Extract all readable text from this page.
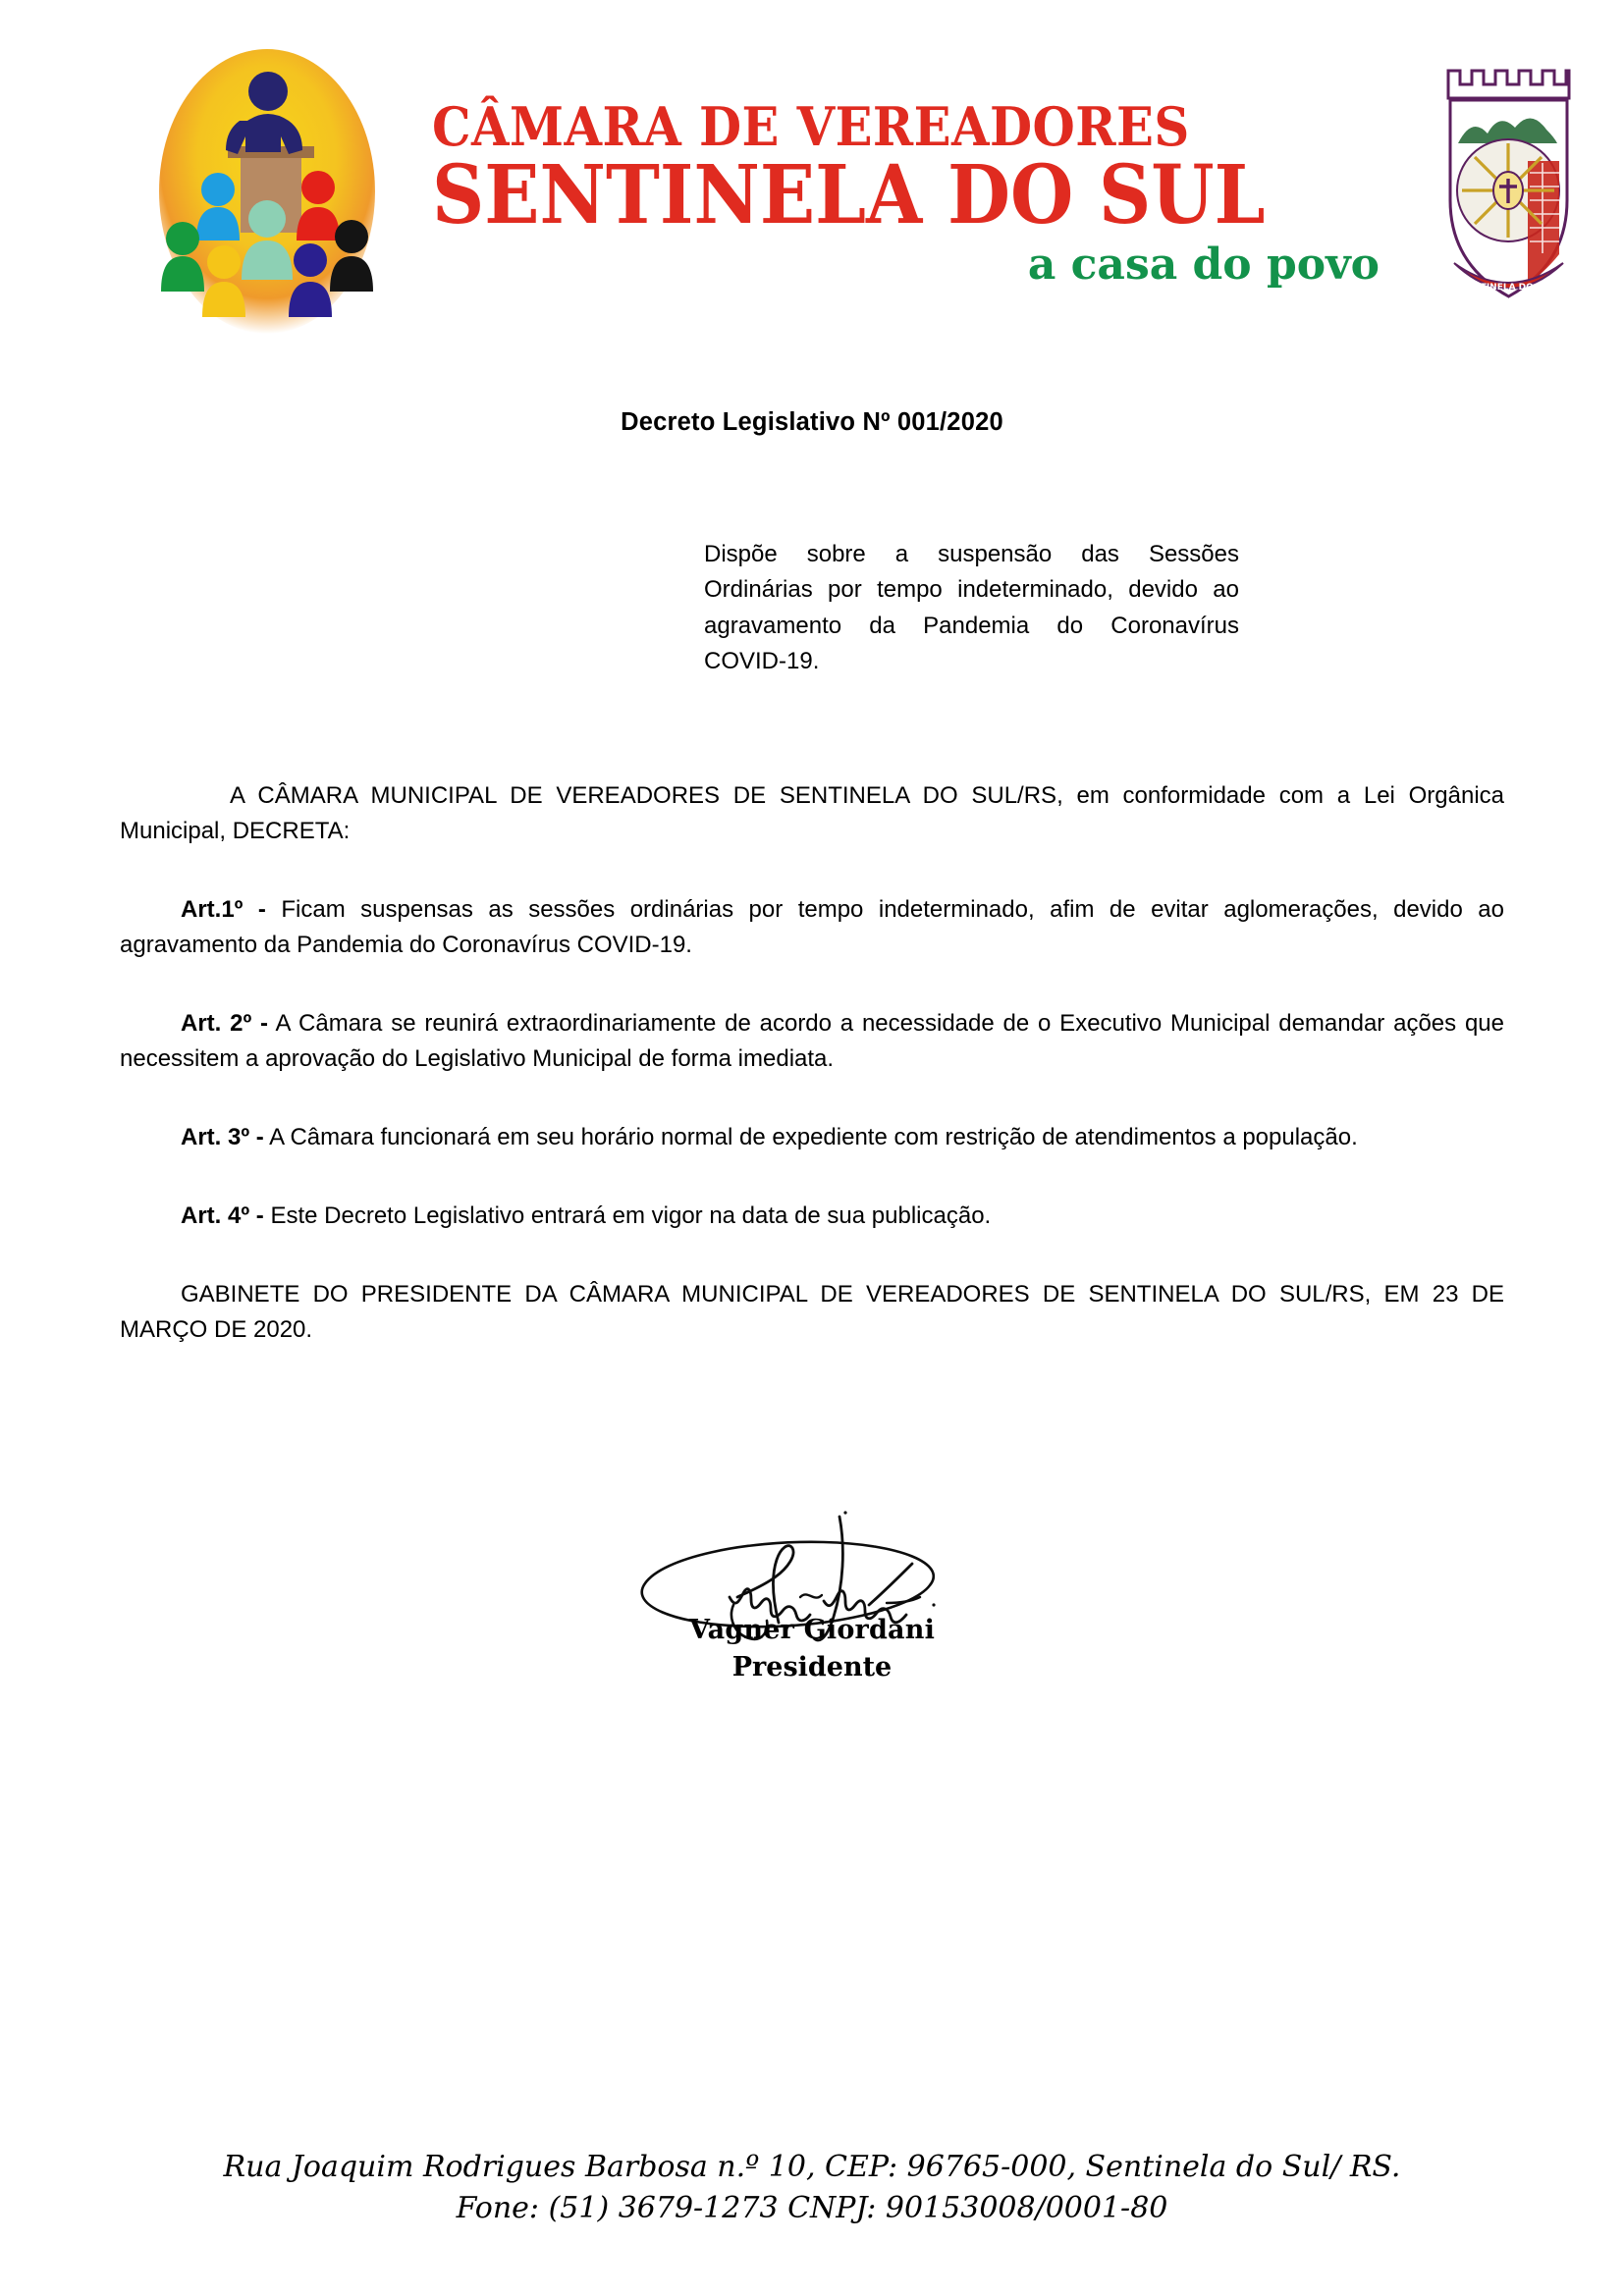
CÂMARA DE VEREADORES
SENTINELA DO SUL
a casa do povo	SENTINELA DO SUL
Decreto Legislativo Nº 001/2020
Dispõe sobre a suspensão das Sessões Ordinárias por tempo indeterminado, devido ao agravamento da Pandemia do Coronavírus COVID-19.
A CÂMARA MUNICIPAL DE VEREADORES DE SENTINELA DO SUL/RS, em conformidade com a Lei Orgânica Municipal, DECRETA:
Art.1º - Ficam suspensas as sessões ordinárias por tempo indeterminado, afim de evitar aglomerações, devido ao agravamento da Pandemia do Coronavírus COVID-19.
Art. 2º - A Câmara se reunirá extraordinariamente de acordo a necessidade de o Executivo Municipal demandar ações que necessitem a aprovação do Legislativo Municipal de forma imediata.
Art. 3º - A Câmara funcionará em seu horário normal de expediente com restrição de atendimentos a população.
Art. 4º - Este Decreto Legislativo entrará em vigor na data de sua publicação.
GABINETE DO PRESIDENTE DA CÂMARA MUNICIPAL DE VEREADORES DE SENTINELA DO SUL/RS, EM 23 DE MARÇO DE 2020.
Vagner Giordani
Presidente
Rua Joaquim Rodrigues Barbosa n.º 10, CEP: 96765-000, Sentinela do Sul/ RS.
Fone: (51) 3679-1273 CNPJ: 90153008/0001-80
